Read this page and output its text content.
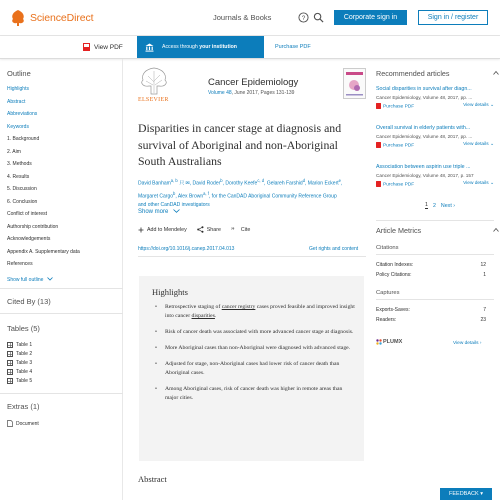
ScienceDirect	Journals & Books	?	Corporate sign in	Sign in / register
View PDF	Access through your institution	Purchase PDF
Outline
Highlights
Abstract
Abbreviations
Keywords
1. Background
2. Aim
3. Methods
4. Results
5. Discussion
6. Conclusion
Conflict of interest
Authorship contribution
Acknowledgements
Appendix A. Supplementary data
References
Show full outline
Cited By (13)
Tables (5)
Table 1
Table 2
Table 3
Table 4
Table 5
Extras (1)
Document
ELSEVIER
Cancer Epidemiology
Volume 48, June 2017, Pages 131-139
Disparities in cancer stage at diagnosis and survival of Aboriginal and non-Aboriginal South Australians
David Banham$^{a, b}$ 只 ✉, David Roder$^b$, Dorothy Keefe$^{c, d}$, Gelareh Farshid$^d$, Marion Eckert$^e$,
Margaret Cargo$^b$, Alex Brown$^{a, f}$, for the CanDAD Aboriginal Community Reference Group
and other CanDAD investigators
Show more
Add to Mendeley	Share ” Cite
https://doi.org/10.1016/j.canep.2017.04.013	Get rights and content
Highlights
• Retrospective staging of cancer registry cases proved feasible and improved insight into cancer disparities.
• Risk of cancer death was associated with more advanced cancer stage at diagnosis.
• More Aboriginal cases than non-Aboriginal were diagnosed with advanced stage.
• Adjusted for stage, non-Aboriginal cases had lower risk of cancer death than Aboriginal cases.
• Among Aboriginal cases, risk of cancer death was higher in remote areas than major cities.
Abstract
Recommended articles
Social disparities in survival after diagn...
Cancer Epidemiology, Volume 48, 2017, pp. ...
Purchase PDF	View details ⌄
Overall survival in elderly patients with...
Cancer Epidemiology, Volume 48, 2017, pp. ...
Purchase PDF	View details ⌄
Association between aspirin use triple ...
Cancer Epidemiology, Volume 48, 2017, p. 157
Purchase PDF	View details ⌄
1 2 Next ›
Article Metrics
Citations
Citation Indexes:	12
Policy Citations:	1
Captures
Exports-Saves:	7
Readers:	23
PLUMX	View details ›
FEEDBACK ▾
